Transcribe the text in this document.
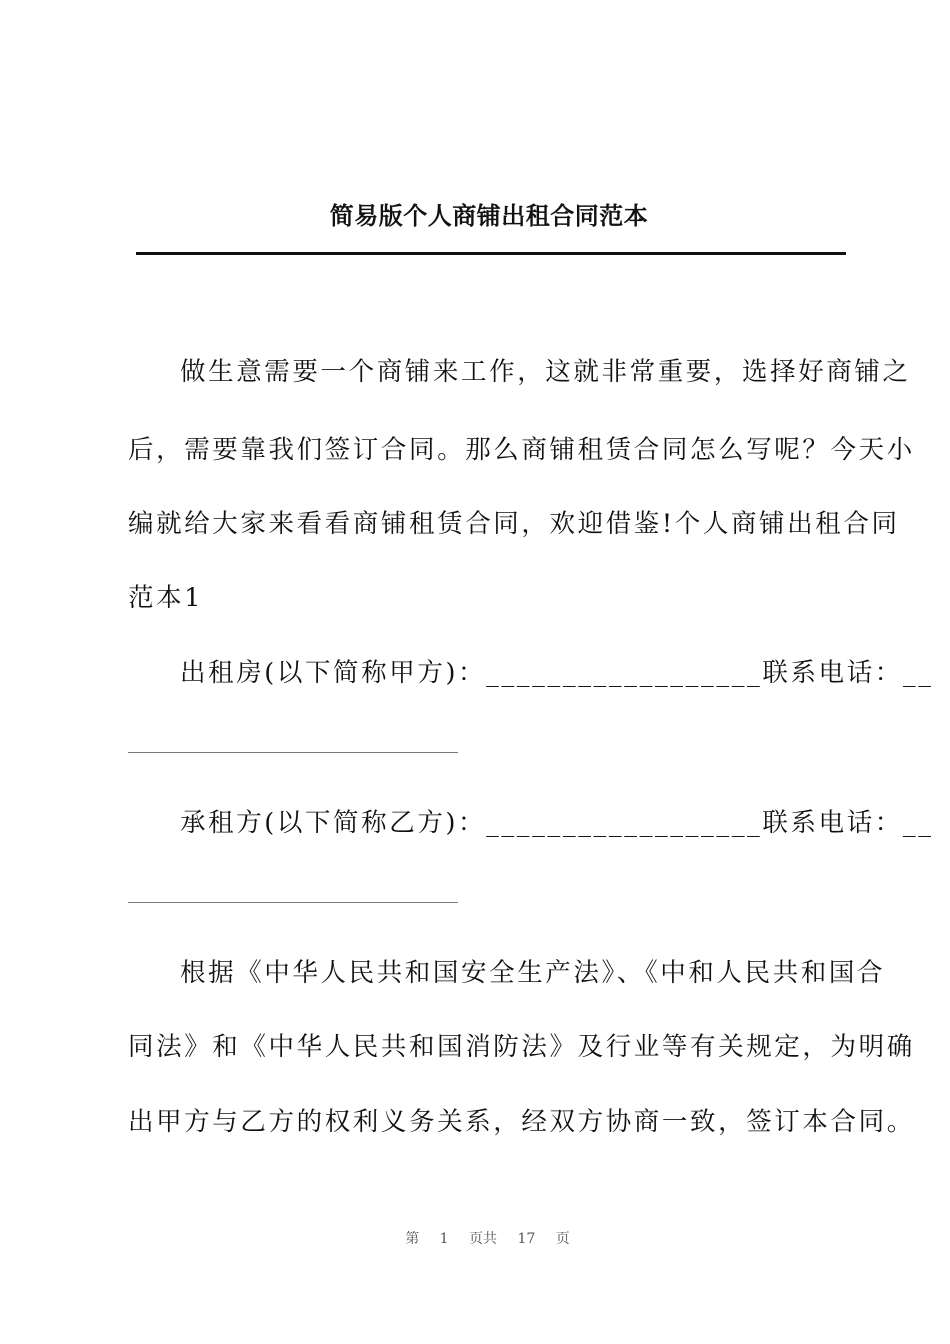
简易版个人商铺出租合同范本
做生意需要一个商铺来工作，这就非常重要，选择好商铺之
后，需要靠我们签订合同。那么商铺租赁合同怎么写呢？今天小
编就给大家来看看商铺租赁合同，欢迎借鉴!个人商铺出租合同
范本1
出租房(以下简称甲方)：__________________联系电话：__
承租方(以下简称乙方)：__________________联系电话：__
根据《中华人民共和国安全生产法》、《中和人民共和国合
同法》和《中华人民共和国消防法》及行业等有关规定，为明确
出甲方与乙方的权利义务关系，经双方协商一致，签订本合同。
第 1 页共 17 页
